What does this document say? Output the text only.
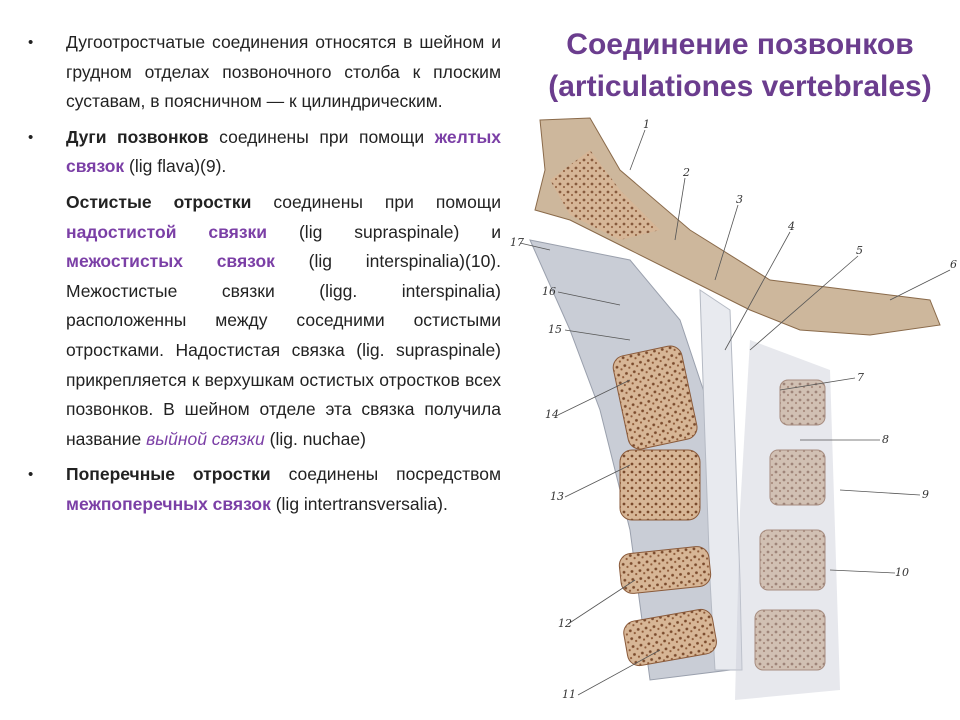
Соединение позвонков
(articulationes vertebrales)
• Дугоотростчатые соединения относятся в шейном и грудном отделах позвоночного столба к плоским суставам, в поясничном — к цилиндрическим.
• Дуги позвонков соединены при помощи желтых связок (lig flava)(9).
Остистые отростки соединены при помощи надостистой связки (lig supraspinale) и межостистых связок (lig interspinalia)(10). Межостистые связки (ligg. interspinalia) расположенны между соседними остистыми отростками. Надостистая связка (lig. supraspinale) прикрепляется к верхушкам остистых отростков всех позвонков. В шейном отделе эта связка получила название выйной связки (lig. nuchae)
• Поперечные отростки соединены посредством межпоперечных связок (lig intertransversalia).
1
2
3
4
5
6
7
8
9
10
11
12
13
14
15
16
17
